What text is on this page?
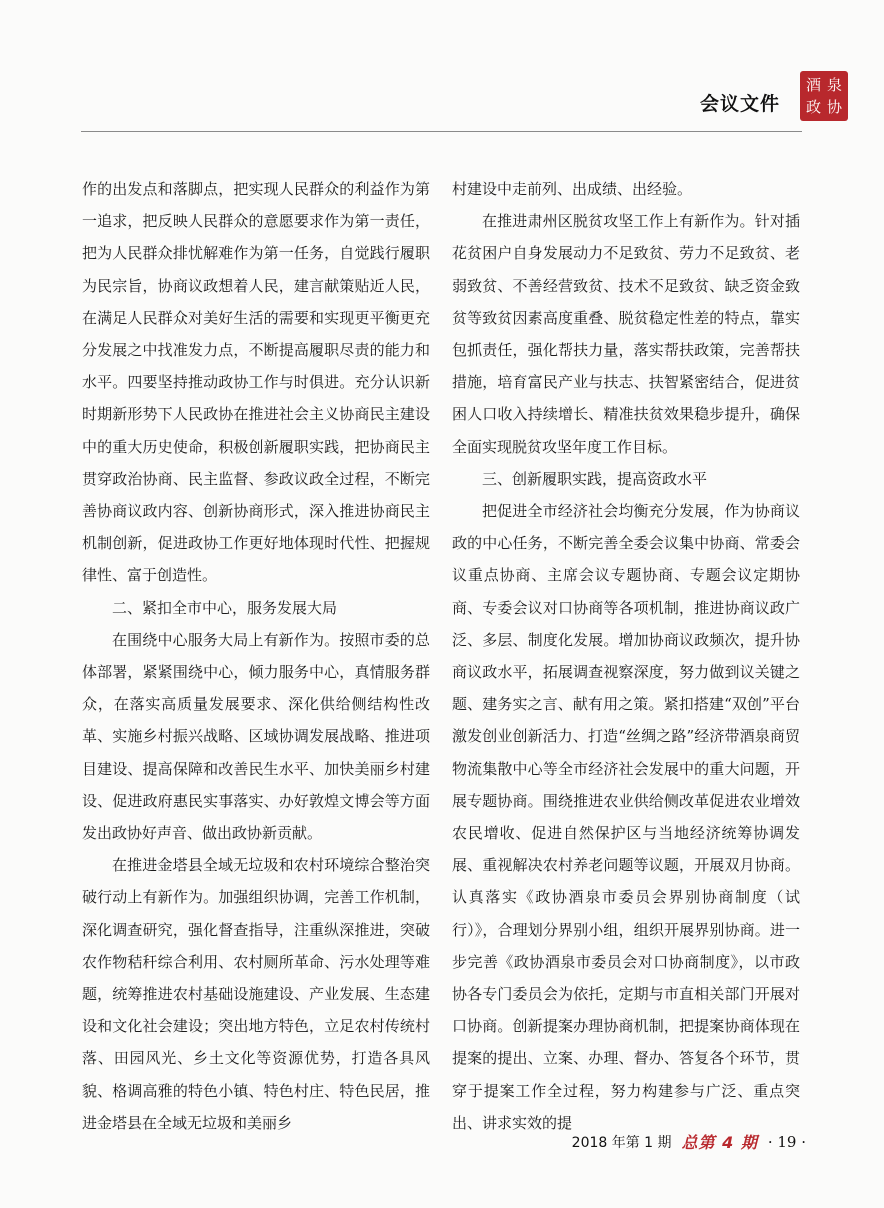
会议文件
酒 泉
政 协

作的出发点和落脚点，把实现人民群众的利益作为第一追求，把反映人民群众的意愿要求作为第一责任，把为人民群众排忧解难作为第一任务，自觉践行履职为民宗旨，协商议政想着人民，建言献策贴近人民，在满足人民群众对美好生活的需要和实现更平衡更充分发展之中找准发力点，不断提高履职尽责的能力和水平。四要坚持推动政协工作与时俱进。充分认识新时期新形势下人民政协在推进社会主义协商民主建设中的重大历史使命，积极创新履职实践，把协商民主贯穿政治协商、民主监督、参政议政全过程，不断完善协商议政内容、创新协商形式，深入推进协商民主机制创新，促进政协工作更好地体现时代性、把握规律性、富于创造性。

二、紧扣全市中心，服务发展大局

在围绕中心服务大局上有新作为。按照市委的总体部署，紧紧围绕中心，倾力服务中心，真情服务群众，在落实高质量发展要求、深化供给侧结构性改革、实施乡村振兴战略、区域协调发展战略、推进项目建设、提高保障和改善民生水平、加快美丽乡村建设、促进政府惠民实事落实、办好敦煌文博会等方面发出政协好声音、做出政协新贡献。

在推进金塔县全域无垃圾和农村环境综合整治突破行动上有新作为。加强组织协调，完善工作机制，深化调查研究，强化督查指导，注重纵深推进，突破农作物秸秆综合利用、农村厕所革命、污水处理等难题，统筹推进农村基础设施建设、产业发展、生态建设和文化社会建设；突出地方特色，立足农村传统村落、田园风光、乡土文化等资源优势，打造各具风貌、格调高雅的特色小镇、特色村庄、特色民居，推进金塔县在全域无垃圾和美丽乡

村建设中走前列、出成绩、出经验。

在推进肃州区脱贫攻坚工作上有新作为。针对插花贫困户自身发展动力不足致贫、劳力不足致贫、老弱致贫、不善经营致贫、技术不足致贫、缺乏资金致贫等致贫因素高度重叠、脱贫稳定性差的特点，靠实包抓责任，强化帮扶力量，落实帮扶政策，完善帮扶措施，培育富民产业与扶志、扶智紧密结合，促进贫困人口收入持续增长、精准扶贫效果稳步提升，确保全面实现脱贫攻坚年度工作目标。

三、创新履职实践，提高资政水平

把促进全市经济社会均衡充分发展，作为协商议政的中心任务，不断完善全委会议集中协商、常委会议重点协商、主席会议专题协商、专题会议定期协商、专委会议对口协商等各项机制，推进协商议政广泛、多层、制度化发展。增加协商议政频次，提升协商议政水平，拓展调查视察深度，努力做到议关键之题、建务实之言、献有用之策。紧扣搭建“双创”平台激发创业创新活力、打造“丝绸之路”经济带酒泉商贸物流集散中心等全市经济社会发展中的重大问题，开展专题协商。围绕推进农业供给侧改革促进农业增效农民增收、促进自然保护区与当地经济统筹协调发展、重视解决农村养老问题等议题，开展双月协商。认真落实《政协酒泉市委员会界别协商制度（试行）》，合理划分界别小组，组织开展界别协商。进一步完善《政协酒泉市委员会对口协商制度》，以市政协各专门委员会为依托，定期与市直相关部门开展对口协商。创新提案办理协商机制，把提案协商体现在提案的提出、立案、办理、督办、答复各个环节，贯穿于提案工作全过程，努力构建参与广泛、重点突出、讲求实效的提

2018 年第 1 期 总第 4 期 · 19 ·
